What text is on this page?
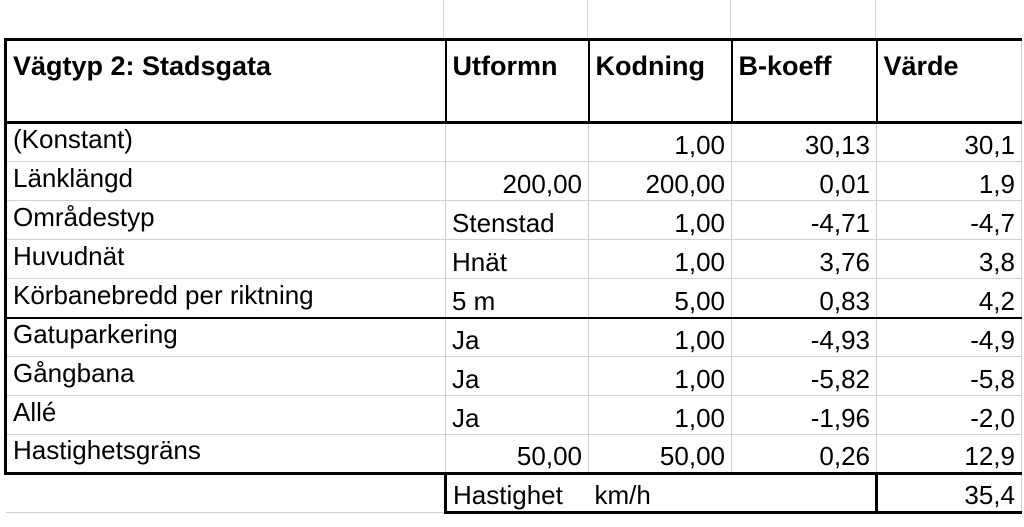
Vägtyp 2: Stadsgata	Utformn	Kodning	B-koeff	Värde

(Konstant)		1,00	30,13	30,1
Länklängd	200,00	200,00	0,01	1,9
Områdestyp	Stenstad	1,00	-4,71	-4,7
Huvudnät	Hnät	1,00	3,76	3,8
Körbanebredd per riktning	5 m	5,00	0,83	4,2
Gatuparkering	Ja	1,00	-4,93	-4,9
Gångbana	Ja	1,00	-5,82	-5,8
Allé	Ja	1,00	-1,96	-2,0
Hastighetsgräns	50,00	50,00	0,26	12,9
	Hastighet	km/h		35,4
